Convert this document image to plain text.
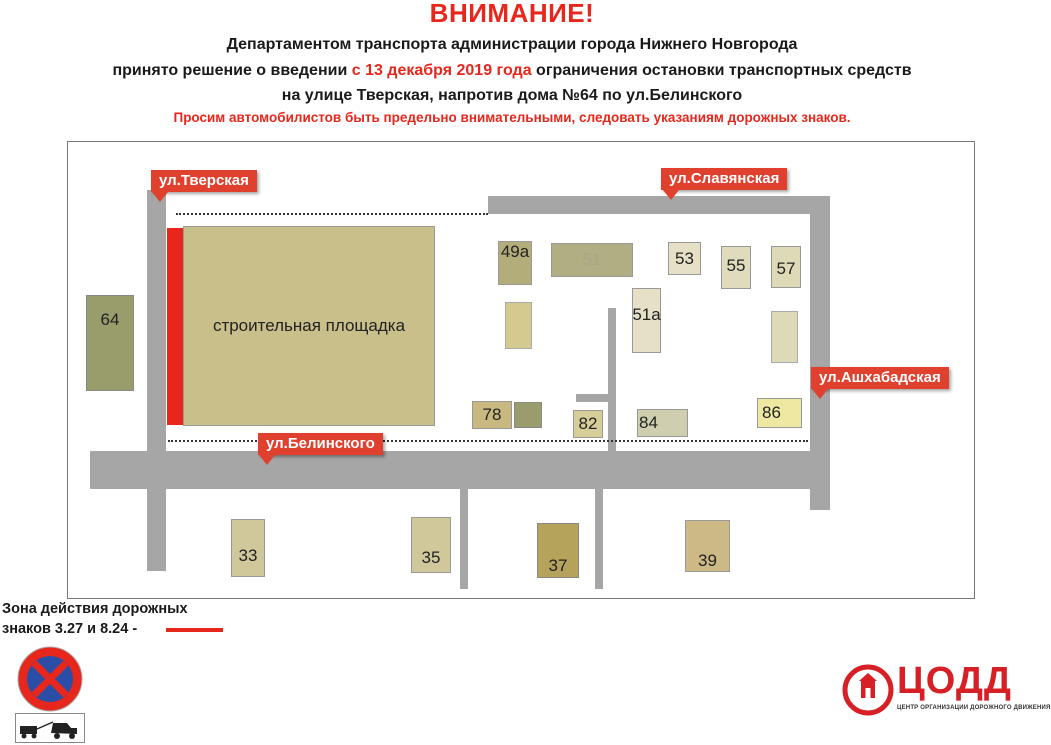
ВНИМАНИЕ!
Департаментом транспорта администрации города Нижнего Новгорода
принято решение о введении с 13 декабря 2019 года ограничения остановки транспортных средств
на улице Тверская, напротив дома №64 по ул.Белинского
Просим автомобилистов быть предельно внимательными, следовать указаниям дорожных знаков.
строительная площадка
64
49а	51	53 55 57
51а
78	82 84
86
33	35	37	39
ул.Тверская	ул.Славянская
ул.Белинского
ул.Ашхабадская
Зона действия дорожных
знаков 3.27 и 8.24 -
ЦОДД
ЦЕНТР ОРГАНИЗАЦИИ ДОРОЖНОГО ДВИЖЕНИЯ
